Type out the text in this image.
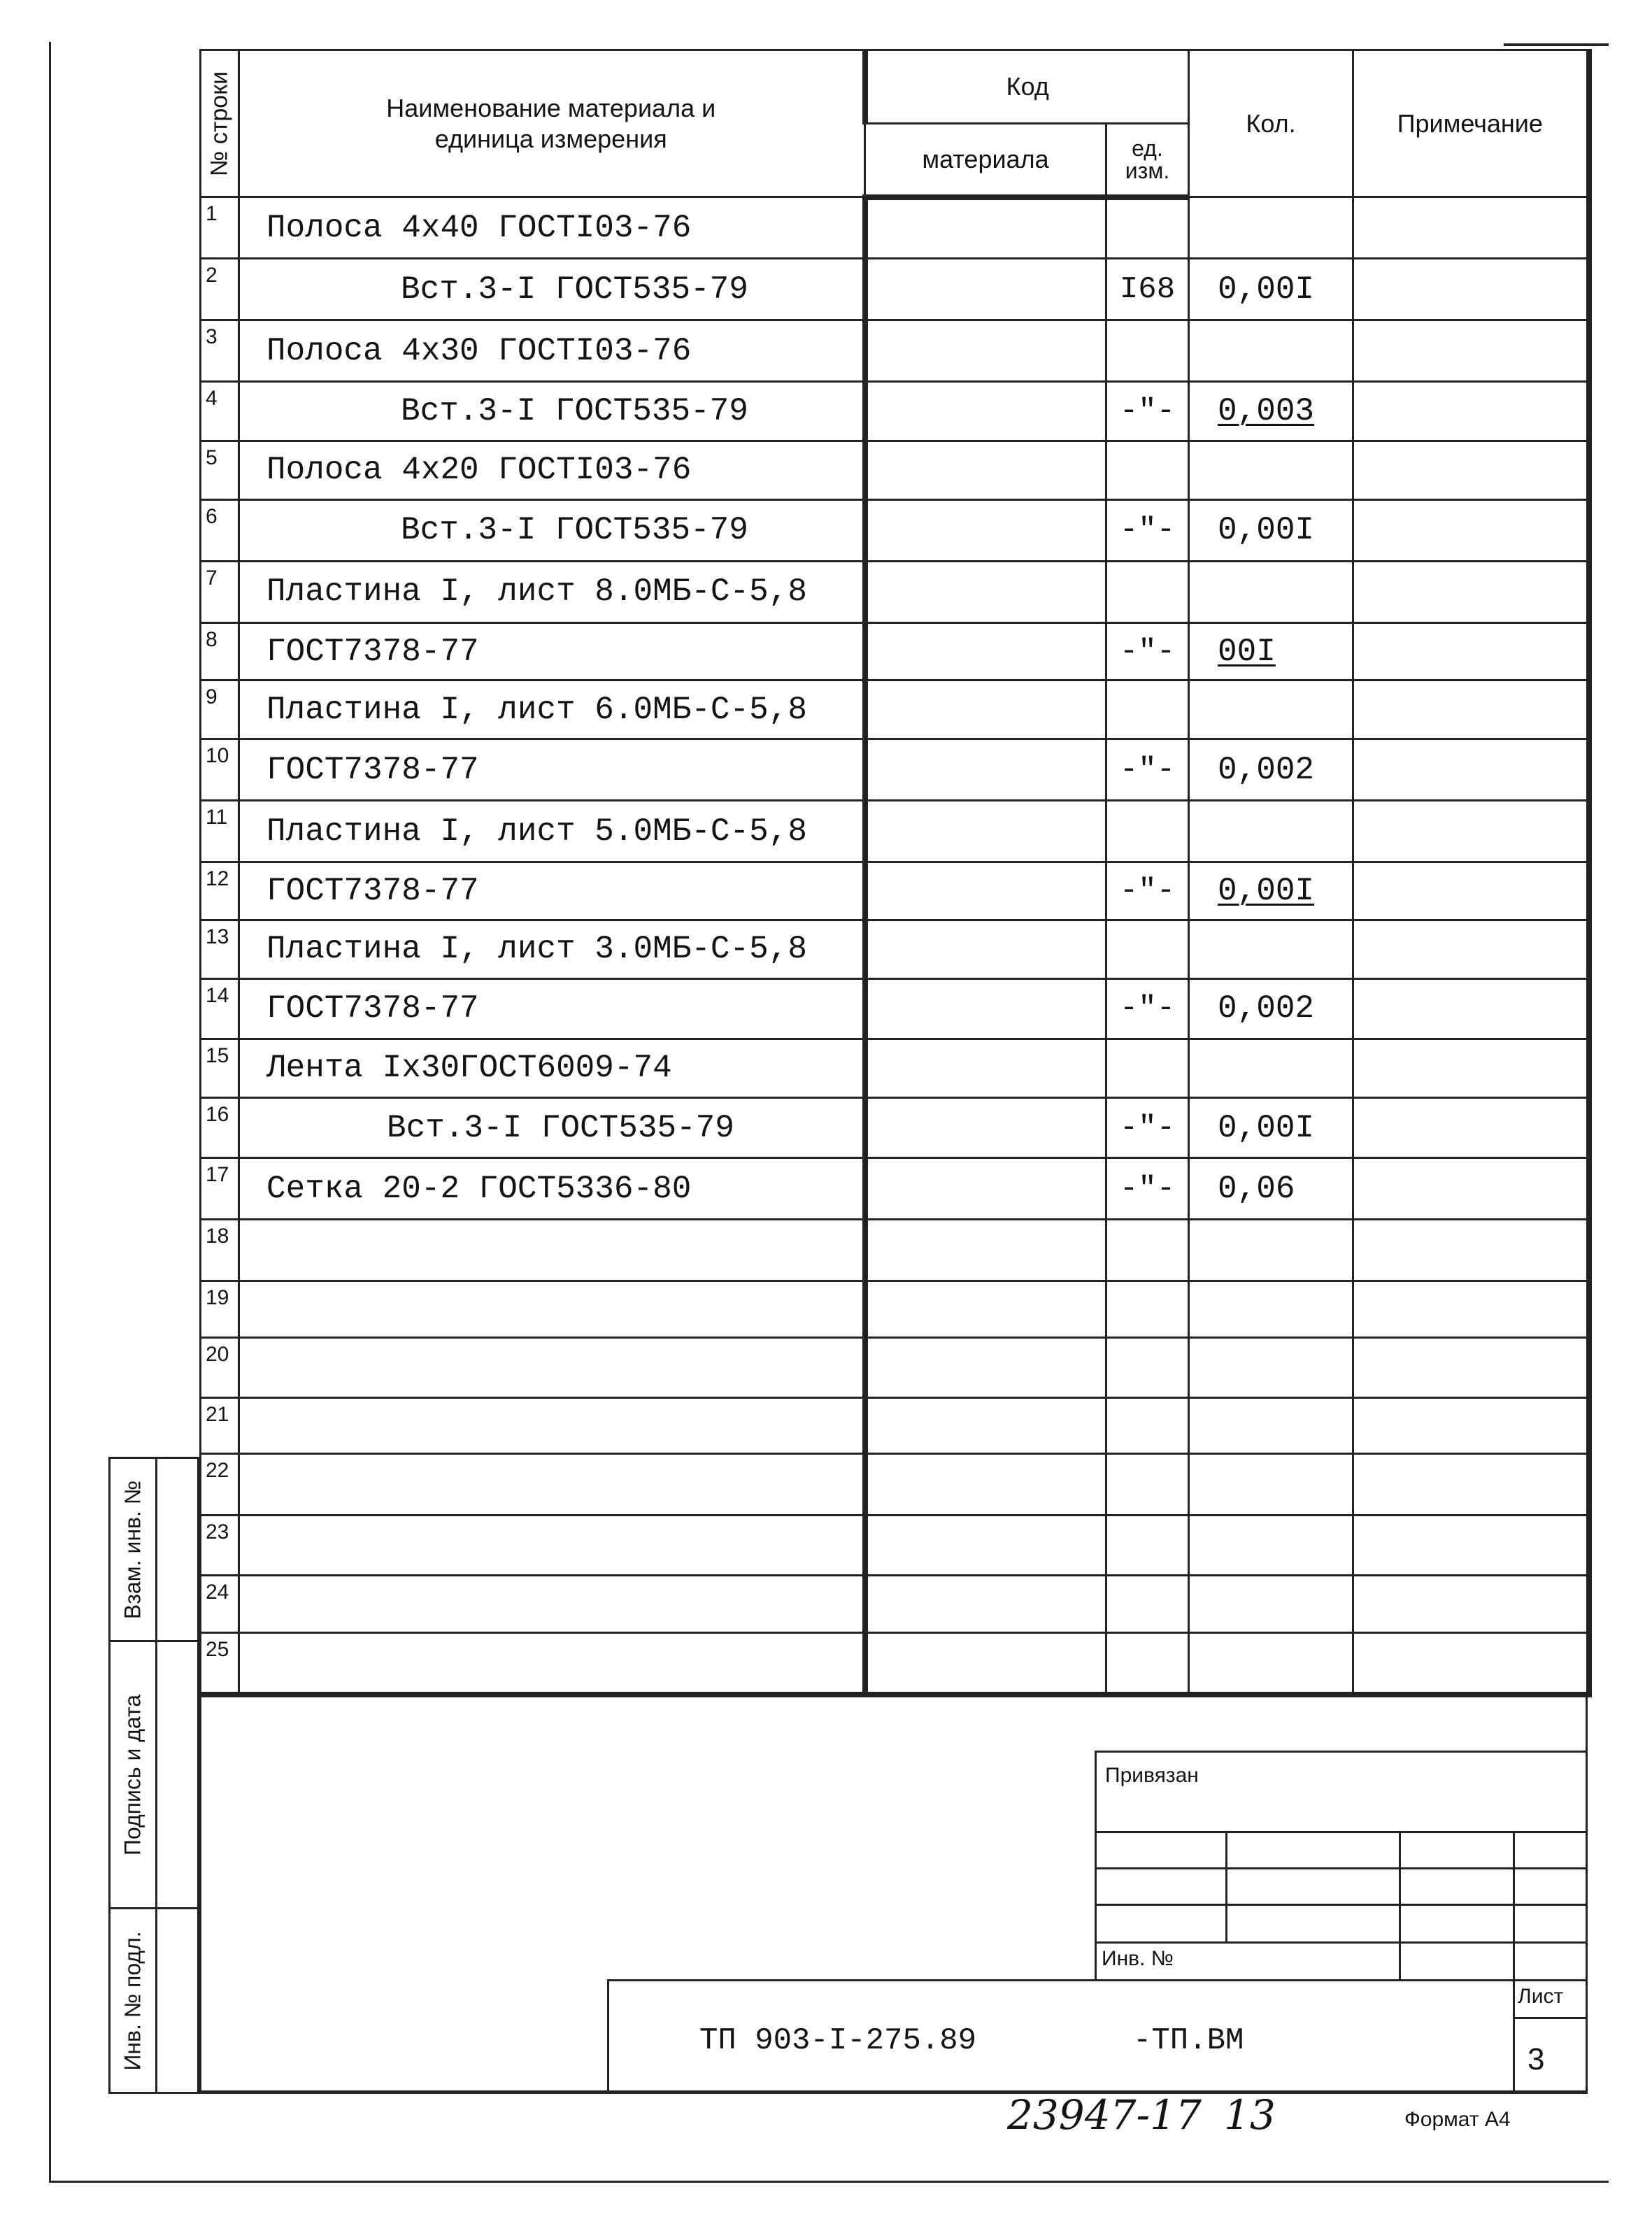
№ строки	Наименование материала и
единица измерения	Код		Кол.	Примечание
		материала	ед.
изм.		
1	Полоса 4х40 ГОСТI03-76				
2	Вст.3-I ГОСТ535-79		I68	0,00I	
3	Полоса 4х30 ГОСТI03-76				
4	Вст.3-I ГОСТ535-79		-"-	0,003	
5	Полоса 4х20 ГОСТI03-76				
6	Вст.3-I ГОСТ535-79		-"-	0,00I	
7	Пластина I, лист 8.0МБ-С-5,8				
8	ГОСТ7378-77		-"-	00I	
9	Пластина I, лист 6.0МБ-С-5,8				
10	ГОСТ7378-77		-"-	0,002	
11	Пластина I, лист 5.0МБ-С-5,8				
12	ГОСТ7378-77		-"-	0,00I	
13	Пластина I, лист 3.0МБ-С-5,8				
14	ГОСТ7378-77		-"-	0,002	
15	Лента Iх30ГОСТ6009-74				
16	Вст.3-I ГОСТ535-79		-"-	0,00I	
17	Сетка 20-2 ГОСТ5336-80		-"-	0,06	
18					
19					
20					
21					
22					
23					
24					
25					
Взам. инв. №
Подпись и дата
Инв. № подл.
Привязан
Инв. №
ТП 903-I-275.89	-ТП.ВМ
Лист
3
23947-17 13	Формат А4
